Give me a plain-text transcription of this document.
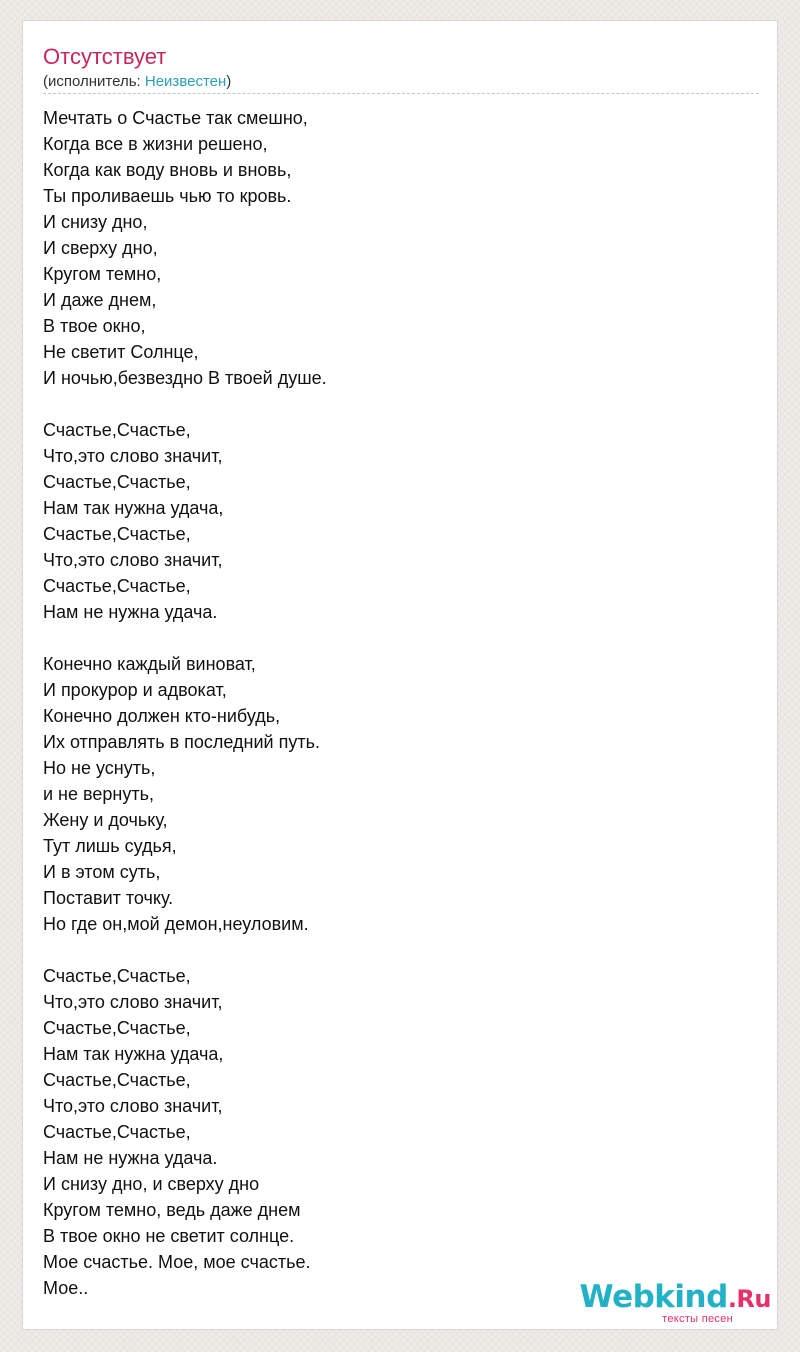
Отсутствует
(исполнитель: Неизвестен)
Мечтать о Счастье так смешно,
Когда все в жизни решено,
Когда как воду вновь и вновь,
Ты проливаешь чью то кровь.
И снизу дно,
И сверху дно,
Кругом темно,
И даже днем,
В твое окно,
Не светит Солнце,
И ночью,безвездно В твоей душе.
Счастье,Счастье,
Что,это слово значит,
Счастье,Счастье,
Нам так нужна удача,
Счастье,Счастье,
Что,это слово значит,
Счастье,Счастье,
Нам не нужна удача.
Конечно каждый виноват,
И прокурор и адвокат,
Конечно должен кто-нибудь,
Их отправлять в последний путь.
Но не уснуть,
и не вернуть,
Жену и дочьку,
Тут лишь судья,
И в этом суть,
Поставит точку.
Но где он,мой демон,неуловим.
Счастье,Счастье,
Что,это слово значит,
Счастье,Счастье,
Нам так нужна удача,
Счастье,Счастье,
Что,это слово значит,
Счастье,Счастье,
Нам не нужна удача.
И снизу дно, и сверху дно
Кругом темно, ведь даже днем
В твое окно не светит солнце.
Мое счастье. Мое, мое счастье.
Мое..	Webkind.Ru
тексты песен
